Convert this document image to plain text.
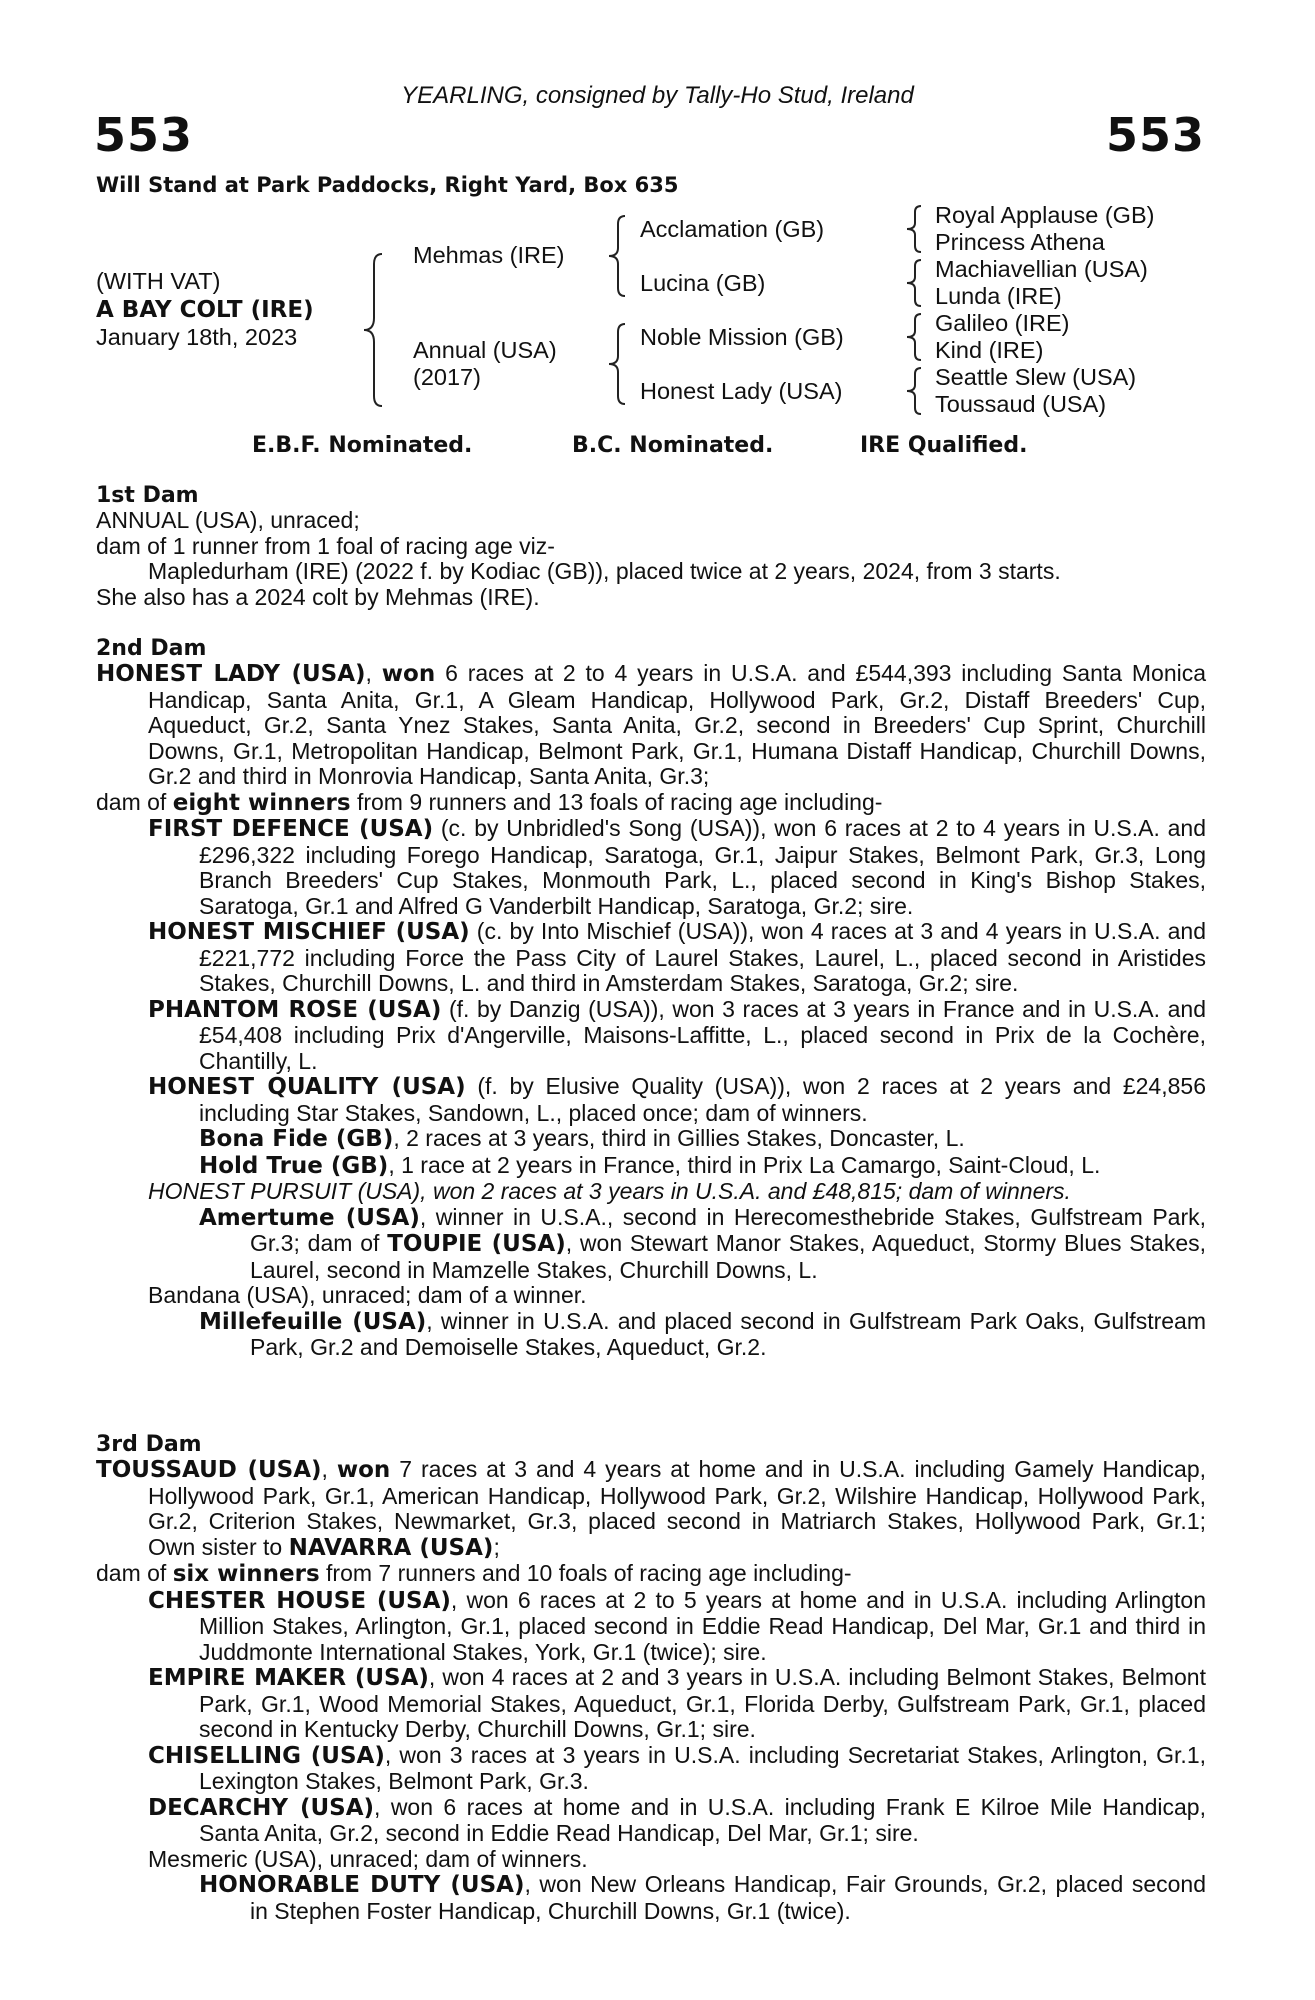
YEARLING, consigned by Tally-Ho Stud, Ireland
553	553
Will Stand at Park Paddocks, Right Yard, Box 635
(WITH VAT)
A BAY COLT (IRE)
January 18th, 2023
Mehmas (IRE)
Annual (USA)
(2017)
Acclamation (GB)
Lucina (GB)
Noble Mission (GB)
Honest Lady (USA)
Royal Applause (GB)
Princess Athena
Machiavellian (USA)
Lunda (IRE)
Galileo (IRE)
Kind (IRE)
Seattle Slew (USA)
Toussaud (USA)
E.B.F. Nominated.	B.C. Nominated.	IRE Qualified.
1st Dam

ANNUAL (USA), unraced;

dam of 1 runner from 1 foal of racing age viz-

Mapledurham (IRE) (2022 f. by Kodiac (GB)), placed twice at 2 years, 2024, from 3 starts.

She also has a 2024 colt by Mehmas (IRE).

2nd Dam

HONEST LADY (USA), won 6 races at 2 to 4 years in U.S.A. and £544,393 including Santa Monica Handicap, Santa Anita, Gr.1, A Gleam Handicap, Hollywood Park, Gr.2, Distaff Breeders' Cup, Aqueduct, Gr.2, Santa Ynez Stakes, Santa Anita, Gr.2, second in Breeders' Cup Sprint, Churchill Downs, Gr.1, Metropolitan Handicap, Belmont Park, Gr.1, Humana Distaff Handicap, Churchill Downs, Gr.2 and third in Monrovia Handicap, Santa Anita, Gr.3;

dam of eight winners from 9 runners and 13 foals of racing age including-

FIRST DEFENCE (USA) (c. by Unbridled's Song (USA)), won 6 races at 2 to 4 years in U.S.A. and £296,322 including Forego Handicap, Saratoga, Gr.1, Jaipur Stakes, Belmont Park, Gr.3, Long Branch Breeders' Cup Stakes, Monmouth Park, L., placed second in King's Bishop Stakes, Saratoga, Gr.1 and Alfred G Vanderbilt Handicap, Saratoga, Gr.2; sire.

HONEST MISCHIEF (USA) (c. by Into Mischief (USA)), won 4 races at 3 and 4 years in U.S.A. and £221,772 including Force the Pass City of Laurel Stakes, Laurel, L., placed second in Aristides Stakes, Churchill Downs, L. and third in Amsterdam Stakes, Saratoga, Gr.2; sire.

PHANTOM ROSE (USA) (f. by Danzig (USA)), won 3 races at 3 years in France and in U.S.A. and £54,408 including Prix d'Angerville, Maisons-Laffitte, L., placed second in Prix de la Cochère, Chantilly, L.

HONEST QUALITY (USA) (f. by Elusive Quality (USA)), won 2 races at 2 years and £24,856 including Star Stakes, Sandown, L., placed once; dam of winners.

Bona Fide (GB), 2 races at 3 years, third in Gillies Stakes, Doncaster, L.

Hold True (GB), 1 race at 2 years in France, third in Prix La Camargo, Saint-Cloud, L.

HONEST PURSUIT (USA), won 2 races at 3 years in U.S.A. and £48,815; dam of winners.

Amertume (USA), winner in U.S.A., second in Herecomesthebride Stakes, Gulfstream Park, Gr.3; dam of TOUPIE (USA), won Stewart Manor Stakes, Aqueduct, Stormy Blues Stakes, Laurel, second in Mamzelle Stakes, Churchill Downs, L.

Bandana (USA), unraced; dam of a winner.

Millefeuille (USA), winner in U.S.A. and placed second in Gulfstream Park Oaks, Gulfstream Park, Gr.2 and Demoiselle Stakes, Aqueduct, Gr.2.

3rd Dam

TOUSSAUD (USA), won 7 races at 3 and 4 years at home and in U.S.A. including Gamely Handicap, Hollywood Park, Gr.1, American Handicap, Hollywood Park, Gr.2, Wilshire Handicap, Hollywood Park, Gr.2, Criterion Stakes, Newmarket, Gr.3, placed second in Matriarch Stakes, Hollywood Park, Gr.1; Own sister to NAVARRA (USA);

dam of six winners from 7 runners and 10 foals of racing age including-

CHESTER HOUSE (USA), won 6 races at 2 to 5 years at home and in U.S.A. including Arlington Million Stakes, Arlington, Gr.1, placed second in Eddie Read Handicap, Del Mar, Gr.1 and third in Juddmonte International Stakes, York, Gr.1 (twice); sire.

EMPIRE MAKER (USA), won 4 races at 2 and 3 years in U.S.A. including Belmont Stakes, Belmont Park, Gr.1, Wood Memorial Stakes, Aqueduct, Gr.1, Florida Derby, Gulfstream Park, Gr.1, placed second in Kentucky Derby, Churchill Downs, Gr.1; sire.

CHISELLING (USA), won 3 races at 3 years in U.S.A. including Secretariat Stakes, Arlington, Gr.1, Lexington Stakes, Belmont Park, Gr.3.

DECARCHY (USA), won 6 races at home and in U.S.A. including Frank E Kilroe Mile Handicap, Santa Anita, Gr.2, second in Eddie Read Handicap, Del Mar, Gr.1; sire.

Mesmeric (USA), unraced; dam of winners.

HONORABLE DUTY (USA), won New Orleans Handicap, Fair Grounds, Gr.2, placed second in Stephen Foster Handicap, Churchill Downs, Gr.1 (twice).
